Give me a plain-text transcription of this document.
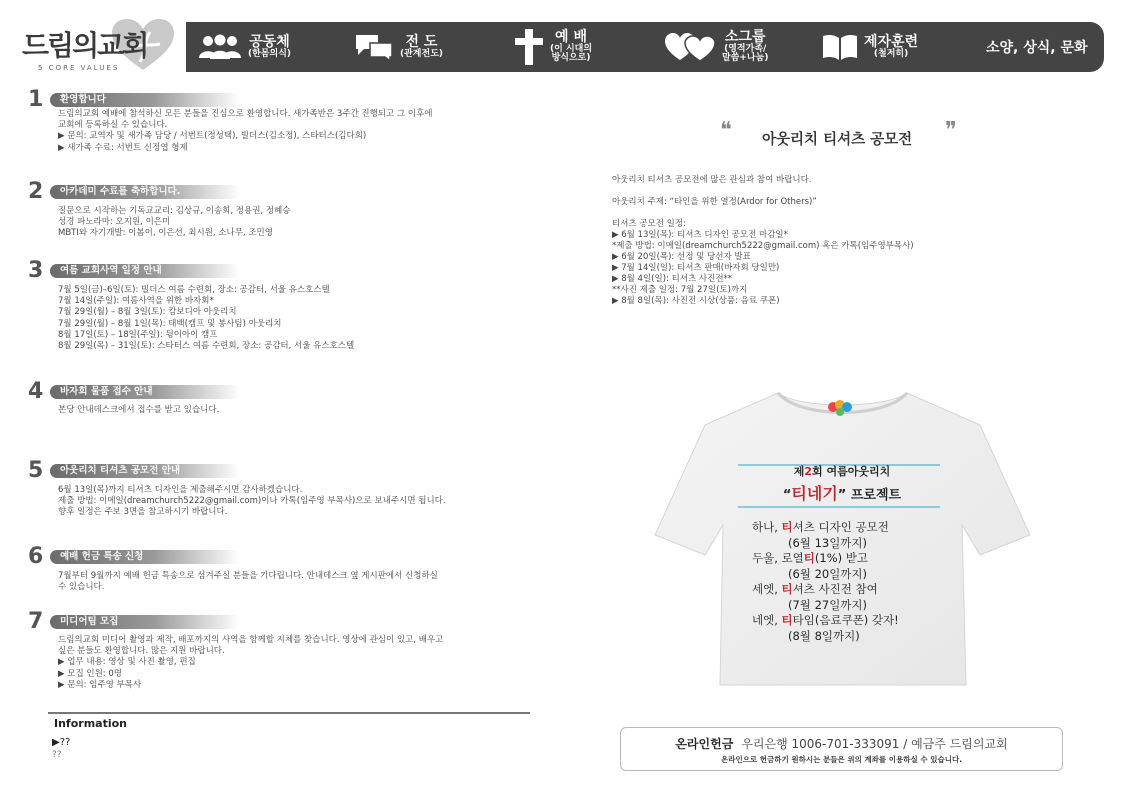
드림의교회
5 CORE VALUES
공동체
(한몸의식)
전 도
(관계전도)
예 배
(이 시대의
방식으로)
소그룹
(영적가족/
말씀+나눔)
제자훈련
(철저히)	소양, 상식, 문화
1	환영합니다
드림의교회 예배에 참석하신 모든 분들을 진심으로 환영합니다. 새가족반은 3주간 진행되고 그 이후에
교회에 등록하실 수 있습니다.
▶ 문의: 교역자 및 새가족 담당 / 서번트(정성택), 빌더스(김소정), 스타터스(김다희)
▶ 새가족 수료: 서번트 신정엽 형제
2	아카데미 수료를 축하합니다.
질문으로 시작하는 기독교교리: 김상규, 이송희, 정용권, 정혜승
성경 파노라마: 오지원, 이은미
MBTI와 자기개발: 이봄이, 이은선, 최시원, 소나무, 조민영
3	여름 교회사역 일정 안내
7월 5일(금)–6일(토): 빌더스 여름 수련회, 장소: 공감터, 서울 유스호스텔
7월 14일(주일): 여름사역을 위한 바자회*
7월 29일(월) – 8월 3일(토): 캄보디아 아웃리치
7월 29일(월) – 8월 1일(목): 태백(캠프 및 봉사팀) 아웃리치
8월 17일(토) – 18일(주일): 뒹이아이 캠프
8월 29일(목) – 31일(토): 스타터스 여름 수련회, 장소: 공감터, 서울 유스호스텔
4	바자회 물품 접수 안내
본당 안내데스크에서 접수를 받고 있습니다.
5	아웃리치 티셔츠 공모전 안내
6월 13일(목)까지 티셔츠 디자인을 제출해주시면 감사하겠습니다.
제출 방법: 이메일(dreamchurch5222@gmail.com)이나 카톡(임주영 부목사)으로 보내주시면 됩니다.
향후 일정은 주보 3면을 참고하시기 바랍니다.
6	예배 헌금 특송 신청
7월부터 9월까지 예배 헌금 특송으로 섬겨주실 분들을 기다립니다. 안내데스크 옆 게시판에서 신청하실
수 있습니다.
7	미디어팀 모집
드림의교회 미디어 촬영과 제작, 배포까지의 사역을 함께할 지체를 찾습니다. 영상에 관심이 있고, 배우고
싶은 분들도 환영합니다. 많은 지원 바랍니다.
▶ 업무 내용: 영상 및 사진 촬영, 편집
▶ 모집 인원: 0명
▶ 문의: 임주영 부목사
Information
▶??
??
❝ 아웃리치 티셔츠 공모전 ❞
아웃리치 티셔츠 공모전에 많은 관심과 참여 바랍니다.

아웃리치 주제: “타인을 위한 열정(Ardor for Others)”

티셔츠 공모전 일정:
▶ 6월 13일(목): 티셔츠 디자인 공모전 마감일*
*제출 방법: 이메일(dreamchurch5222@gmail.com) 혹은 카톡(임주영부목사)
▶ 6월 20일(목): 선정 및 당선자 발표
▶ 7월 14일(일): 티셔츠 판매(바자회 당일만)
▶ 8월 4일(일): 티셔츠 사진전**
**사진 제출 일정: 7월 27일(토)까지
▶ 8월 8일(목): 사진전 시상(상품: 음료 쿠폰)
제2회 여름아웃리치
“티네기” 프로젝트
하나, 티셔츠 디자인 공모전
(6월 13일까지)
두울, 로열티(1%) 받고
(6월 20일까지)
세엣, 티셔츠 사진전 참여
(7월 27일까지)
네엣, 티타임(음료쿠폰) 갖자!
(8월 8일까지)
온라인헌금 우리은행 1006-701-333091 / 예금주 드림의교회
온라인으로 헌금하기 원하시는 분들은 위의 계좌를 이용하실 수 있습니다.
